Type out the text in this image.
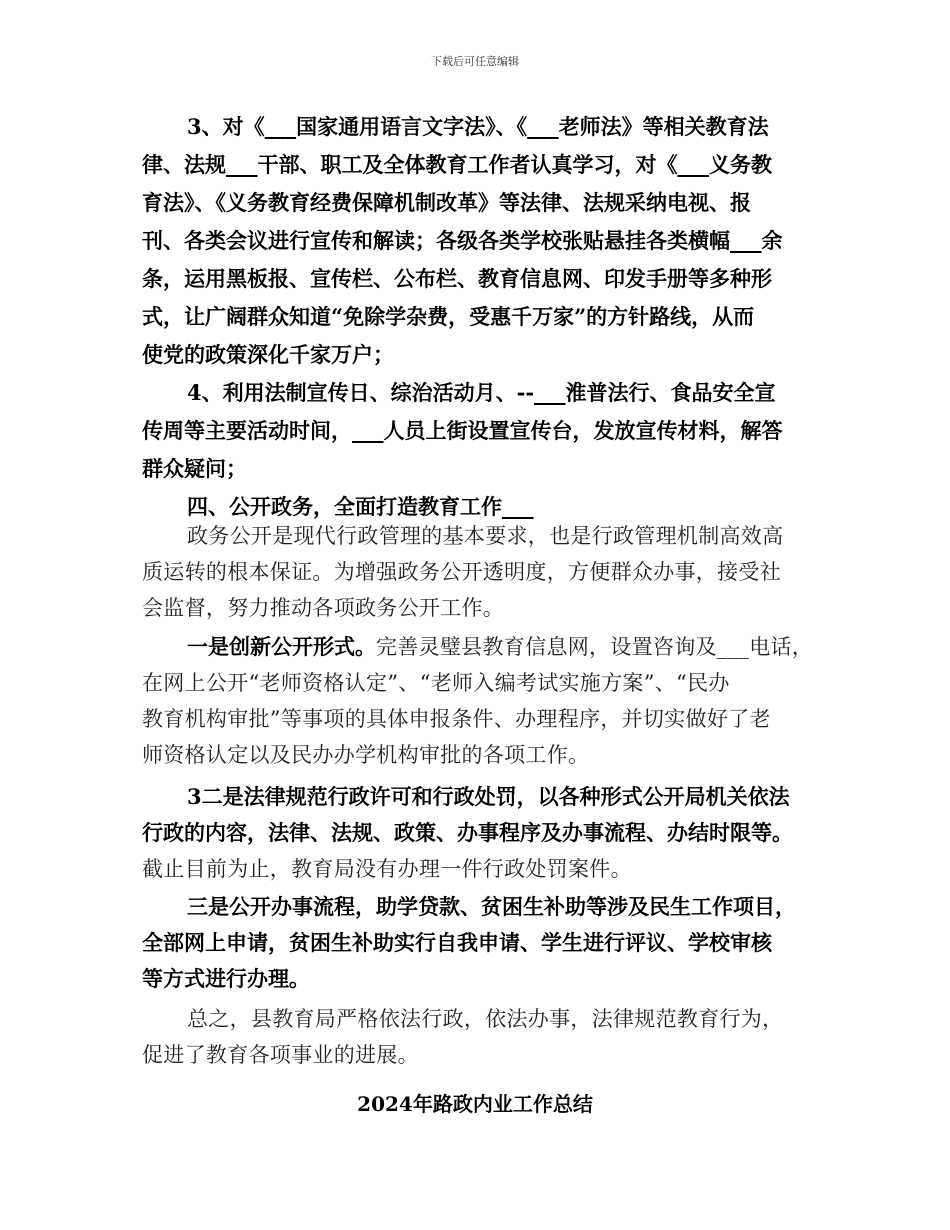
下载后可任意编辑
3、对《___国家通用语言文字法》、《___老师法》等相关教育法
律、法规___干部、职工及全体教育工作者认真学习，对《___义务教
育法》、《义务教育经费保障机制改革》等法律、法规采纳电视、报
刊、各类会议进行宣传和解读；各级各类学校张贴悬挂各类横幅___余
条，运用黑板报、宣传栏、公布栏、教育信息网、印发手册等多种形
式，让广阔群众知道“免除学杂费，受惠千万家”的方针路线，从而
使党的政策深化千家万户；
4、利用法制宣传日、综治活动月、--___淮普法行、食品安全宣
传周等主要活动时间，___人员上街设置宣传台，发放宣传材料，解答
群众疑问；
四、公开政务，全面打造教育工作___
政务公开是现代行政管理的基本要求，也是行政管理机制高效高
质运转的根本保证。为增强政务公开透明度，方便群众办事，接受社
会监督，努力推动各项政务公开工作。
一是创新公开形式。完善灵璧县教育信息网，设置咨询及___电话，
在网上公开“老师资格认定”、“老师入编考试实施方案”、“民办
教育机构审批”等事项的具体申报条件、办理程序，并切实做好了老
师资格认定以及民办办学机构审批的各项工作。
3二是法律规范行政许可和行政处罚，以各种形式公开局机关依法
行政的内容，法律、法规、政策、办事程序及办事流程、办结时限等。
截止目前为止，教育局没有办理一件行政处罚案件。
三是公开办事流程，助学贷款、贫困生补助等涉及民生工作项目，
全部网上申请，贫困生补助实行自我申请、学生进行评议、学校审核
等方式进行办理。
总之，县教育局严格依法行政，依法办事，法律规范教育行为，
促进了教育各项事业的进展。
2024年路政内业工作总结
